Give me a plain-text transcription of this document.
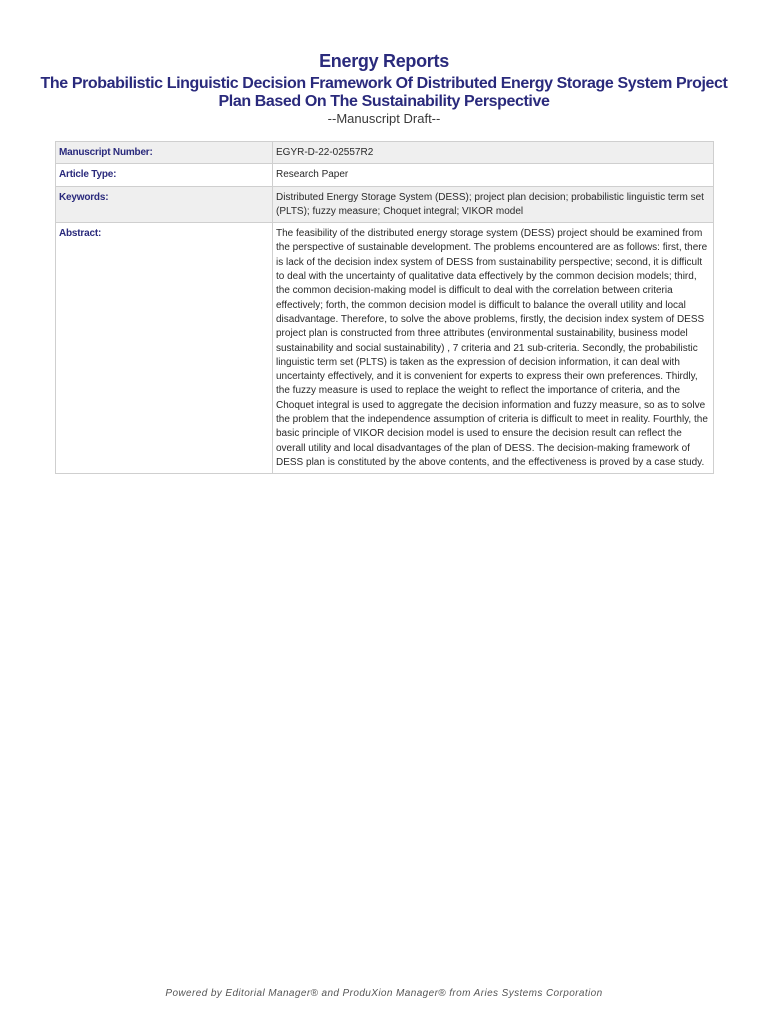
Energy Reports
The Probabilistic Linguistic Decision Framework Of Distributed Energy Storage System Project Plan Based On The Sustainability Perspective
--Manuscript Draft--
Manuscript Number:	EGYR-D-22-02557R2
Article Type:	Research Paper
Keywords:	Distributed Energy Storage System (DESS); project plan decision; probabilistic linguistic term set (PLTS); fuzzy measure; Choquet integral; VIKOR model
Abstract:	The feasibility of the distributed energy storage system (DESS) project should be examined from the perspective of sustainable development. The problems encountered are as follows: first, there is lack of the decision index system of DESS from sustainability perspective; second, it is difficult to deal with the uncertainty of qualitative data effectively by the common decision models; third, the common decision-making model is difficult to deal with the correlation between criteria effectively; forth, the common decision model is difficult to balance the overall utility and local disadvantage. Therefore, to solve the above problems, firstly, the decision index system of DESS project plan is constructed from three attributes (environmental sustainability, business model sustainability and social sustainability) , 7 criteria and 21 sub-criteria. Secondly, the probabilistic linguistic term set (PLTS) is taken as the expression of decision information, it can deal with uncertainty effectively, and it is convenient for experts to express their own preferences. Thirdly, the fuzzy measure is used to replace the weight to reflect the importance of criteria, and the Choquet integral is used to aggregate the decision information and fuzzy measure, so as to solve the problem that the independence assumption of criteria is difficult to meet in reality. Fourthly, the basic principle of VIKOR decision model is used to ensure the decision result can reflect the overall utility and local disadvantages of the plan of DESS. The decision-making framework of DESS plan is constituted by the above contents, and the effectiveness is proved by a case study.
Powered by Editorial Manager® and ProduXion Manager® from Aries Systems Corporation
